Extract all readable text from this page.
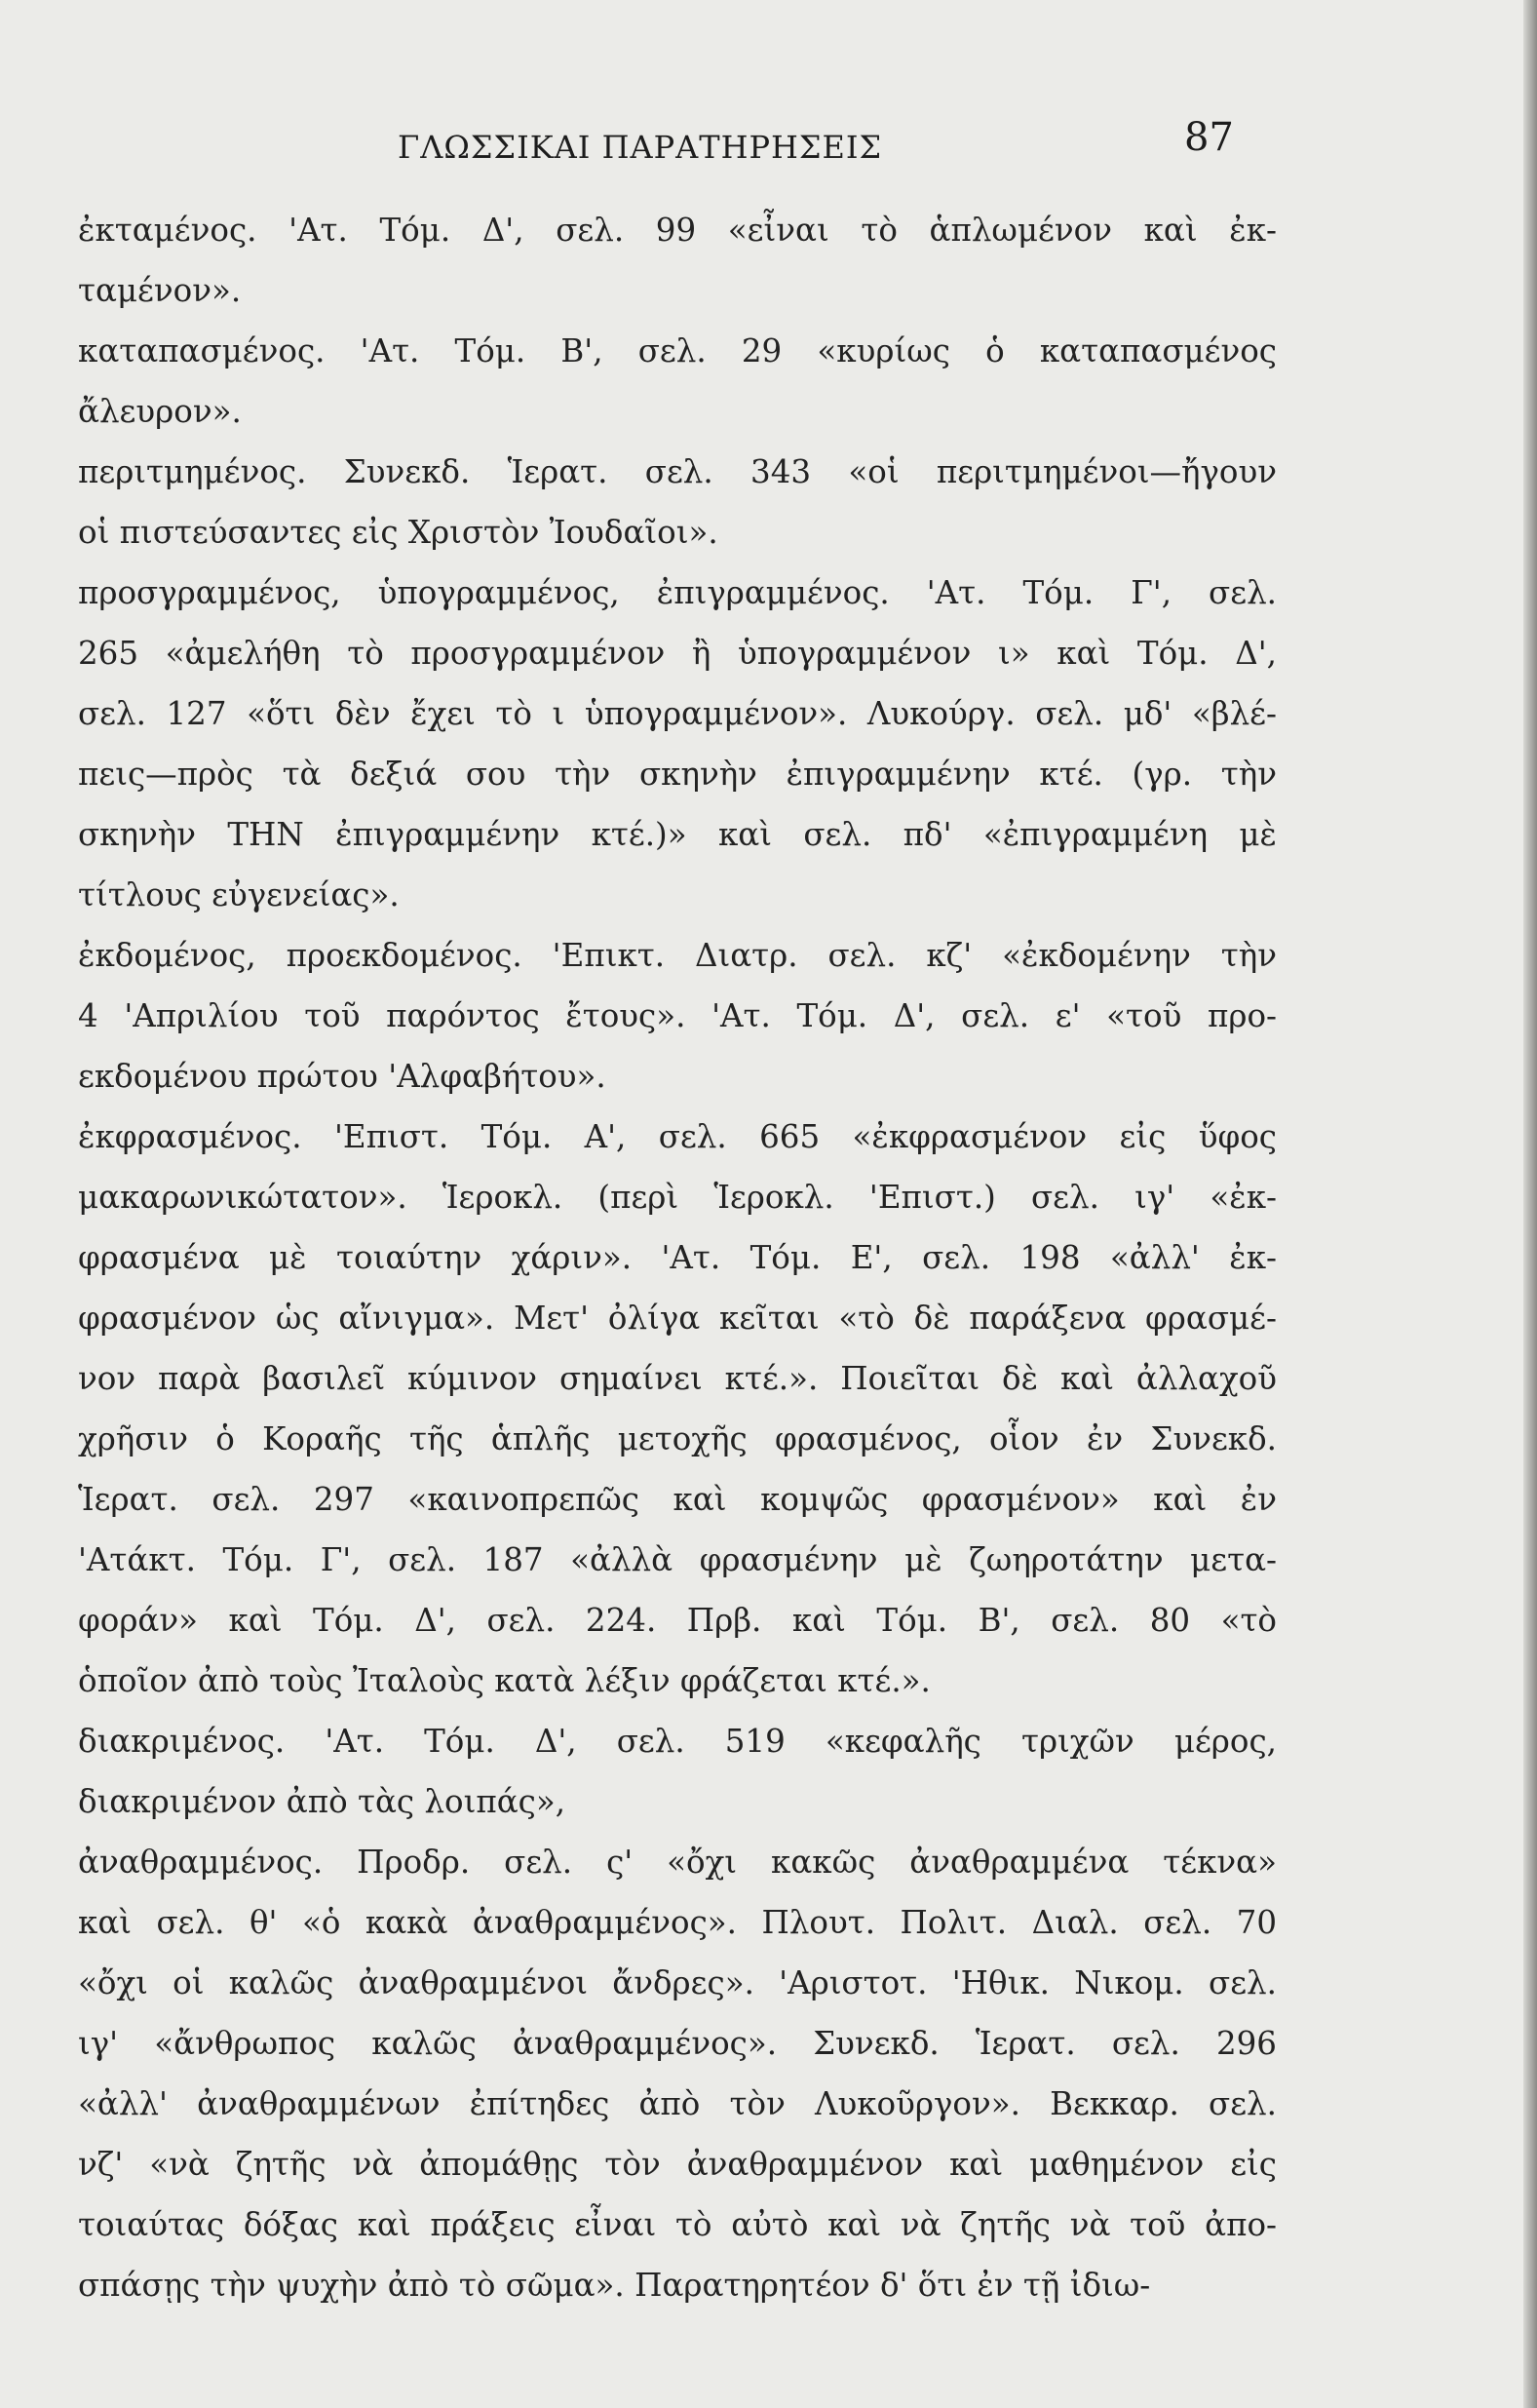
ΓΛΩΣΣΙΚΑΙ ΠΑΡΑΤΗΡΗΣΕΙΣ	87
ἐκταμένος. 'Ατ. Τόμ. Δ', σελ. 99 «εἶναι τὸ ἁπλωμένον καὶ ἐκ-
ταμένον».
καταπασμένος. 'Ατ. Τόμ. Β', σελ. 29 «κυρίως ὁ καταπασμένος
ἄλευρον».
περιτμημένος. Συνεκδ. Ἱερατ. σελ. 343 «οἱ περιτμημένοι—ἤγουν
οἱ πιστεύσαντες εἰς Χριστὸν Ἰουδαῖοι».
προσγραμμένος, ὑπογραμμένος, ἐπιγραμμένος. 'Ατ. Τόμ. Γ', σελ.
265 «ἀμελήθη τὸ προσγραμμένον ἢ ὑπογραμμένον ι» καὶ Τόμ. Δ',
σελ. 127 «ὅτι δὲν ἔχει τὸ ι ὑπογραμμένον». Λυκούργ. σελ. μδ' «βλέ-
πεις—πρὸς τὰ δεξιά σου τὴν σκηνὴν ἐπιγραμμένην κτέ. (γρ. τὴν
σκηνὴν ΤΗΝ ἐπιγραμμένην κτέ.)» καὶ σελ. πδ' «ἐπιγραμμένη μὲ
τίτλους εὐγενείας».
ἐκδομένος, προεκδομένος. 'Επικτ. Διατρ. σελ. κζ' «ἐκδομένην τὴν
4 'Απριλίου τοῦ παρόντος ἔτους». 'Ατ. Τόμ. Δ', σελ. ε' «τοῦ προ-
εκδομένου πρώτου 'Αλφαβήτου».
ἐκφρασμένος. 'Επιστ. Τόμ. Α', σελ. 665 «ἐκφρασμένον εἰς ὕφος
μακαρωνικώτατον». Ἱεροκλ. (περὶ Ἱεροκλ. 'Επιστ.) σελ. ιγ' «ἐκ-
φρασμένα μὲ τοιαύτην χάριν». 'Ατ. Τόμ. Ε', σελ. 198 «ἀλλ' ἐκ-
φρασμένον ὡς αἴνιγμα». Μετ' ὀλίγα κεῖται «τὸ δὲ παράξενα φρασμέ-
νον παρὰ βασιλεῖ κύμινον σημαίνει κτέ.». Ποιεῖται δὲ καὶ ἀλλαχοῦ
χρῆσιν ὁ Κοραῆς τῆς ἁπλῆς μετοχῆς φρασμένος, οἷον ἐν Συνεκδ.
Ἱερατ. σελ. 297 «καινοπρεπῶς καὶ κομψῶς φρασμένον» καὶ ἐν
'Ατάκτ. Τόμ. Γ', σελ. 187 «ἀλλὰ φρασμένην μὲ ζωηροτάτην μετα-
φοράν» καὶ Τόμ. Δ', σελ. 224. Πρβ. καὶ Τόμ. Β', σελ. 80 «τὸ
ὁποῖον ἀπὸ τοὺς Ἰταλοὺς κατὰ λέξιν φράζεται κτέ.».
διακριμένος. 'Ατ. Τόμ. Δ', σελ. 519 «κεφαλῆς τριχῶν μέρος,
διακριμένον ἀπὸ τὰς λοιπάς»,
ἀναθραμμένος. Προδρ. σελ. ς' «ὄχι κακῶς ἀναθραμμένα τέκνα»
καὶ σελ. θ' «ὁ κακὰ ἀναθραμμένος». Πλουτ. Πολιτ. Διαλ. σελ. 70
«ὄχι οἱ καλῶς ἀναθραμμένοι ἄνδρες». 'Αριστοτ. 'Ηθικ. Νικομ. σελ.
ιγ' «ἄνθρωπος καλῶς ἀναθραμμένος». Συνεκδ. Ἱερατ. σελ. 296
«ἀλλ' ἀναθραμμένων ἐπίτηδες ἀπὸ τὸν Λυκοῦργον». Βεκκαρ. σελ.
νζ' «νὰ ζητῆς νὰ ἀπομάθῃς τὸν ἀναθραμμένον καὶ μαθημένον εἰς
τοιαύτας δόξας καὶ πράξεις εἶναι τὸ αὐτὸ καὶ νὰ ζητῆς νὰ τοῦ ἀπο-
σπάσῃς τὴν ψυχὴν ἀπὸ τὸ σῶμα». Παρατηρητέον δ' ὅτι ἐν τῇ ἰδιω-
